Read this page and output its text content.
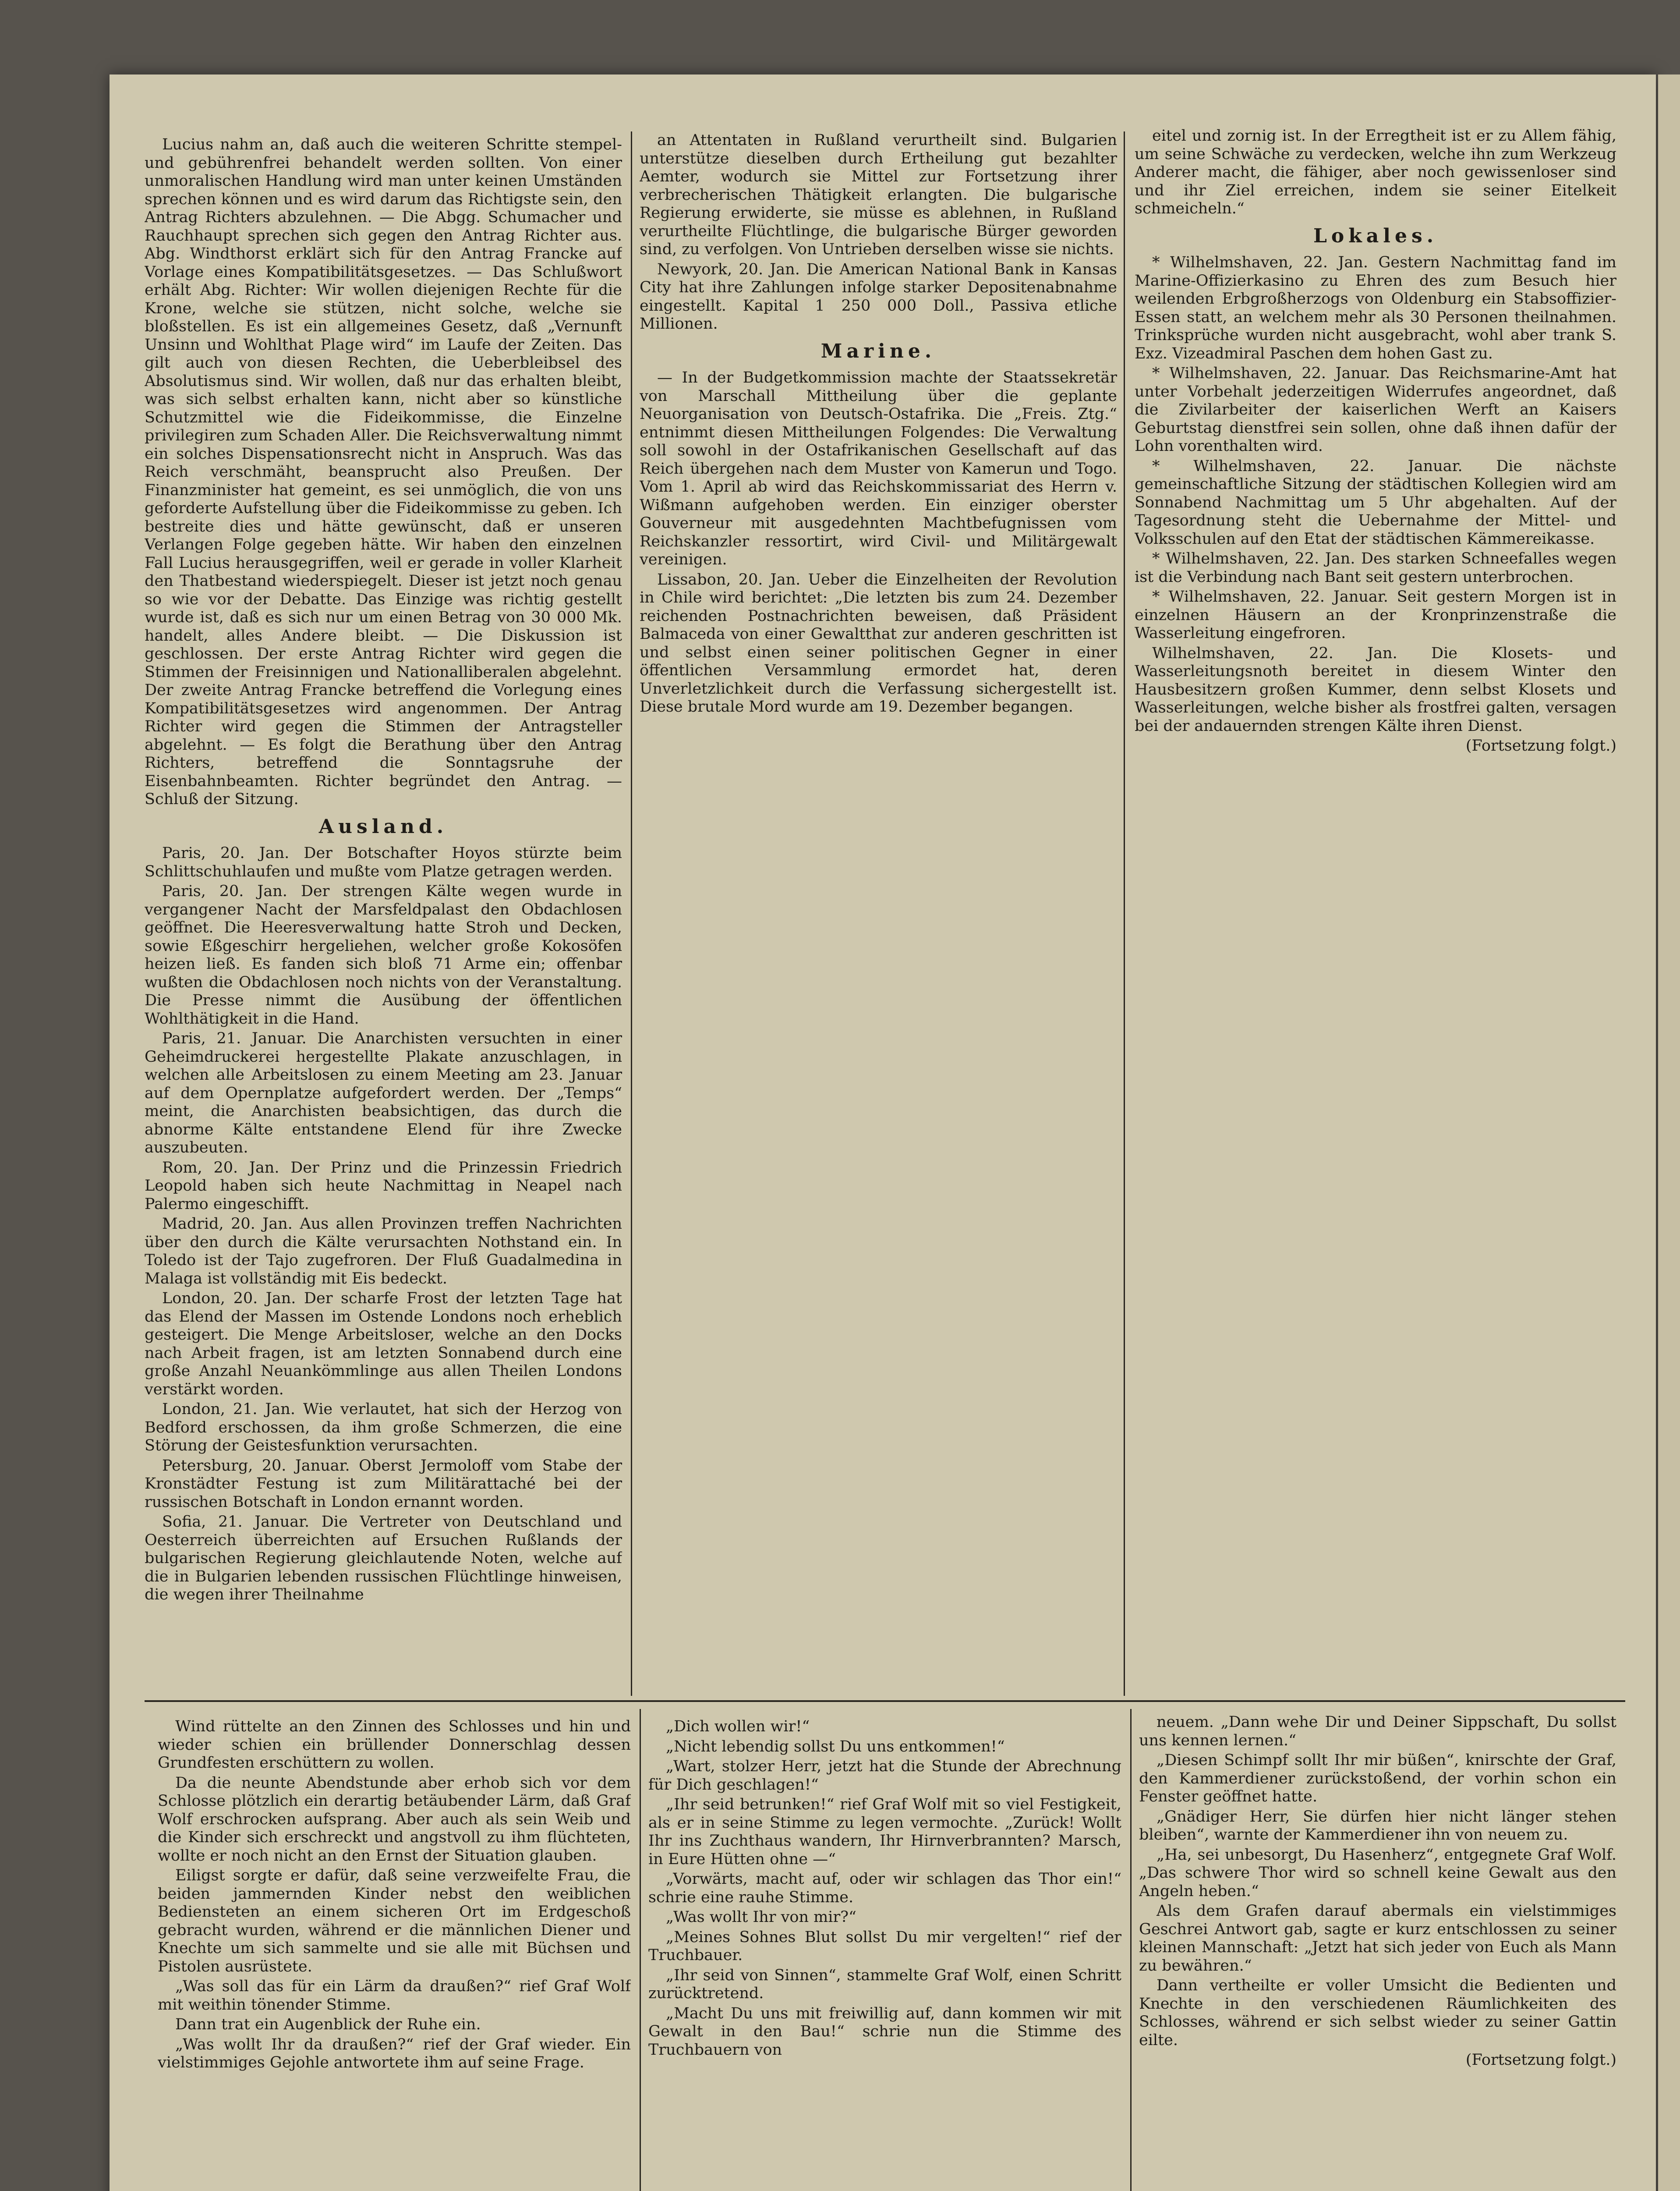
Lucius nahm an, daß auch die weiteren Schritte stempel- und gebührenfrei behandelt werden sollten. Von einer unmoralischen Handlung wird man unter keinen Umständen sprechen können und es wird darum das Richtigste sein, den Antrag Richters abzulehnen. — Die Abgg. Schumacher und Rauchhaupt sprechen sich gegen den Antrag Richter aus. Abg. Windthorst erklärt sich für den Antrag Francke auf Vorlage eines Kompatibilitätsgesetzes. — Das Schlußwort erhält Abg. Richter: Wir wollen diejenigen Rechte für die Krone, welche sie stützen, nicht solche, welche sie bloßstellen. Es ist ein allgemeines Gesetz, daß „Vernunft Unsinn und Wohlthat Plage wird“ im Laufe der Zeiten. Das gilt auch von diesen Rechten, die Ueberbleibsel des Absolutismus sind. Wir wollen, daß nur das erhalten bleibt, was sich selbst erhalten kann, nicht aber so künstliche Schutzmittel wie die Fideikommisse, die Einzelne privilegiren zum Schaden Aller. Die Reichsverwaltung nimmt ein solches Dispensationsrecht nicht in Anspruch. Was das Reich verschmäht, beansprucht also Preußen. Der Finanzminister hat gemeint, es sei unmöglich, die von uns geforderte Aufstellung über die Fideikommisse zu geben. Ich bestreite dies und hätte gewünscht, daß er unseren Verlangen Folge gegeben hätte. Wir haben den einzelnen Fall Lucius herausgegriffen, weil er gerade in voller Klarheit den Thatbestand wiederspiegelt. Dieser ist jetzt noch genau so wie vor der Debatte. Das Einzige was richtig gestellt wurde ist, daß es sich nur um einen Betrag von 30 000 Mk. handelt, alles Andere bleibt. — Die Diskussion ist geschlossen. Der erste Antrag Richter wird gegen die Stimmen der Freisinnigen und Nationalliberalen abgelehnt. Der zweite Antrag Francke betreffend die Vorlegung eines Kompatibilitätsgesetzes wird angenommen. Der Antrag Richter wird gegen die Stimmen der Antragsteller abgelehnt. — Es folgt die Berathung über den Antrag Richters, betreffend die Sonntagsruhe der Eisenbahnbeamten. Richter begründet den Antrag. — Schluß der Sitzung.

Ausland.

Paris, 20. Jan. Der Botschafter Hoyos stürzte beim Schlittschuhlaufen und mußte vom Platze getragen werden.

Paris, 20. Jan. Der strengen Kälte wegen wurde in vergangener Nacht der Marsfeldpalast den Obdachlosen geöffnet. Die Heeresverwaltung hatte Stroh und Decken, sowie Eßgeschirr hergeliehen, welcher große Kokosöfen heizen ließ. Es fanden sich bloß 71 Arme ein; offenbar wußten die Obdachlosen noch nichts von der Veranstaltung. Die Presse nimmt die Ausübung der öffentlichen Wohlthätigkeit in die Hand.

Paris, 21. Januar. Die Anarchisten versuchten in einer Geheimdruckerei hergestellte Plakate anzuschlagen, in welchen alle Arbeitslosen zu einem Meeting am 23. Januar auf dem Opernplatze aufgefordert werden. Der „Temps“ meint, die Anarchisten beabsichtigen, das durch die abnorme Kälte entstandene Elend für ihre Zwecke auszubeuten.

Rom, 20. Jan. Der Prinz und die Prinzessin Friedrich Leopold haben sich heute Nachmittag in Neapel nach Palermo eingeschifft.

Madrid, 20. Jan. Aus allen Provinzen treffen Nachrichten über den durch die Kälte verursachten Nothstand ein. In Toledo ist der Tajo zugefroren. Der Fluß Guadalmedina in Malaga ist vollständig mit Eis bedeckt.

London, 20. Jan. Der scharfe Frost der letzten Tage hat das Elend der Massen im Ostende Londons noch erheblich gesteigert. Die Menge Arbeitsloser, welche an den Docks nach Arbeit fragen, ist am letzten Sonnabend durch eine große Anzahl Neuankömmlinge aus allen Theilen Londons verstärkt worden.

London, 21. Jan. Wie verlautet, hat sich der Herzog von Bedford erschossen, da ihm große Schmerzen, die eine Störung der Geistesfunktion verursachten.

Petersburg, 20. Januar. Oberst Jermoloff vom Stabe der Kronstädter Festung ist zum Militärattaché bei der russischen Botschaft in London ernannt worden.

Sofia, 21. Januar. Die Vertreter von Deutschland und Oesterreich überreichten auf Ersuchen Rußlands der bulgarischen Regierung gleichlautende Noten, welche auf die in Bulgarien lebenden russischen Flüchtlinge hinweisen, die wegen ihrer Theilnahme

an Attentaten in Rußland verurtheilt sind. Bulgarien unterstütze dieselben durch Ertheilung gut bezahlter Aemter, wodurch sie Mittel zur Fortsetzung ihrer verbrecherischen Thätigkeit erlangten. Die bulgarische Regierung erwiderte, sie müsse es ablehnen, in Rußland verurtheilte Flüchtlinge, die bulgarische Bürger geworden sind, zu verfolgen. Von Untrieben derselben wisse sie nichts.

Newyork, 20. Jan. Die American National Bank in Kansas City hat ihre Zahlungen infolge starker Depositenabnahme eingestellt. Kapital 1 250 000 Doll., Passiva etliche Millionen.

Marine.

— In der Budgetkommission machte der Staatssekretär von Marschall Mittheilung über die geplante Neuorganisation von Deutsch-Ostafrika. Die „Freis. Ztg.“ entnimmt diesen Mittheilungen Folgendes: Die Verwaltung soll sowohl in der Ostafrikanischen Gesellschaft auf das Reich übergehen nach dem Muster von Kamerun und Togo. Vom 1. April ab wird das Reichskommissariat des Herrn v. Wißmann aufgehoben werden. Ein einziger oberster Gouverneur mit ausgedehnten Machtbefugnissen vom Reichskanzler ressortirt, wird Civil- und Militärgewalt vereinigen.

Lissabon, 20. Jan. Ueber die Einzelheiten der Revolution in Chile wird berichtet: „Die letzten bis zum 24. Dezember reichenden Postnachrichten beweisen, daß Präsident Balmaceda von einer Gewaltthat zur anderen geschritten ist und selbst einen seiner politischen Gegner in einer öffentlichen Versammlung ermordet hat, deren Unverletzlichkeit durch die Verfassung sichergestellt ist. Diese brutale Mord wurde am 19. Dezember begangen.

eitel und zornig ist. In der Erregtheit ist er zu Allem fähig, um seine Schwäche zu verdecken, welche ihn zum Werkzeug Anderer macht, die fähiger, aber noch gewissenloser sind und ihr Ziel erreichen, indem sie seiner Eitelkeit schmeicheln.“

Lokales.

* Wilhelmshaven, 22. Jan. Gestern Nachmittag fand im Marine-Offizierkasino zu Ehren des zum Besuch hier weilenden Erbgroßherzogs von Oldenburg ein Stabsoffizier-Essen statt, an welchem mehr als 30 Personen theilnahmen. Trinksprüche wurden nicht ausgebracht, wohl aber trank S. Exz. Vizeadmiral Paschen dem hohen Gast zu.

* Wilhelmshaven, 22. Januar. Das Reichsmarine-Amt hat unter Vorbehalt jederzeitigen Widerrufes angeordnet, daß die Zivilarbeiter der kaiserlichen Werft an Kaisers Geburtstag dienstfrei sein sollen, ohne daß ihnen dafür der Lohn vorenthalten wird.

* Wilhelmshaven, 22. Januar. Die nächste gemeinschaftliche Sitzung der städtischen Kollegien wird am Sonnabend Nachmittag um 5 Uhr abgehalten. Auf der Tagesordnung steht die Uebernahme der Mittel- und Volksschulen auf den Etat der städtischen Kämmereikasse.

* Wilhelmshaven, 22. Jan. Des starken Schneefalles wegen ist die Verbindung nach Bant seit gestern unterbrochen.

* Wilhelmshaven, 22. Januar. Seit gestern Morgen ist in einzelnen Häusern an der Kronprinzenstraße die Wasserleitung eingefroren.

Wilhelmshaven, 22. Jan. Die Klosets- und Wasserleitungsnoth bereitet in diesem Winter den Hausbesitzern großen Kummer, denn selbst Klosets und Wasserleitungen, welche bisher als frostfrei galten, versagen bei der andauernden strengen Kälte ihren Dienst.

(Fortsetzung folgt.)

Wind rüttelte an den Zinnen des Schlosses und hin und wieder schien ein brüllender Donnerschlag dessen Grundfesten erschüttern zu wollen.

Da die neunte Abendstunde aber erhob sich vor dem Schlosse plötzlich ein derartig betäubender Lärm, daß Graf Wolf erschrocken aufsprang. Aber auch als sein Weib und die Kinder sich erschreckt und angstvoll zu ihm flüchteten, wollte er noch nicht an den Ernst der Situation glauben.

Eiligst sorgte er dafür, daß seine verzweifelte Frau, die beiden jammernden Kinder nebst den weiblichen Bediensteten an einem sicheren Ort im Erdgeschoß gebracht wurden, während er die männlichen Diener und Knechte um sich sammelte und sie alle mit Büchsen und Pistolen ausrüstete.

„Was soll das für ein Lärm da draußen?“ rief Graf Wolf mit weithin tönender Stimme.

Dann trat ein Augenblick der Ruhe ein.

„Was wollt Ihr da draußen?“ rief der Graf wieder. Ein vielstimmiges Gejohle antwortete ihm auf seine Frage.

„Dich wollen wir!“

„Nicht lebendig sollst Du uns entkommen!“

„Wart, stolzer Herr, jetzt hat die Stunde der Abrechnung für Dich geschlagen!“

„Ihr seid betrunken!“ rief Graf Wolf mit so viel Festigkeit, als er in seine Stimme zu legen vermochte. „Zurück! Wollt Ihr ins Zuchthaus wandern, Ihr Hirnverbrannten? Marsch, in Eure Hütten ohne —“

„Vorwärts, macht auf, oder wir schlagen das Thor ein!“ schrie eine rauhe Stimme.

„Was wollt Ihr von mir?“

„Meines Sohnes Blut sollst Du mir vergelten!“ rief der Truchbauer.

„Ihr seid von Sinnen“, stammelte Graf Wolf, einen Schritt zurücktretend.

„Macht Du uns mit freiwillig auf, dann kommen wir mit Gewalt in den Bau!“ schrie nun die Stimme des Truchbauern von

neuem. „Dann wehe Dir und Deiner Sippschaft, Du sollst uns kennen lernen.“

„Diesen Schimpf sollt Ihr mir büßen“, knirschte der Graf, den Kammerdiener zurückstoßend, der vorhin schon ein Fenster geöffnet hatte.

„Gnädiger Herr, Sie dürfen hier nicht länger stehen bleiben“, warnte der Kammerdiener ihn von neuem zu.

„Ha, sei unbesorgt, Du Hasenherz“, entgegnete Graf Wolf. „Das schwere Thor wird so schnell keine Gewalt aus den Angeln heben.“

Als dem Grafen darauf abermals ein vielstimmiges Geschrei Antwort gab, sagte er kurz entschlossen zu seiner kleinen Mannschaft: „Jetzt hat sich jeder von Euch als Mann zu bewähren.“

Dann vertheilte er voller Umsicht die Bedienten und Knechte in den verschiedenen Räumlichkeiten des Schlosses, während er sich selbst wieder zu seiner Gattin eilte.

(Fortsetzung folgt.)
